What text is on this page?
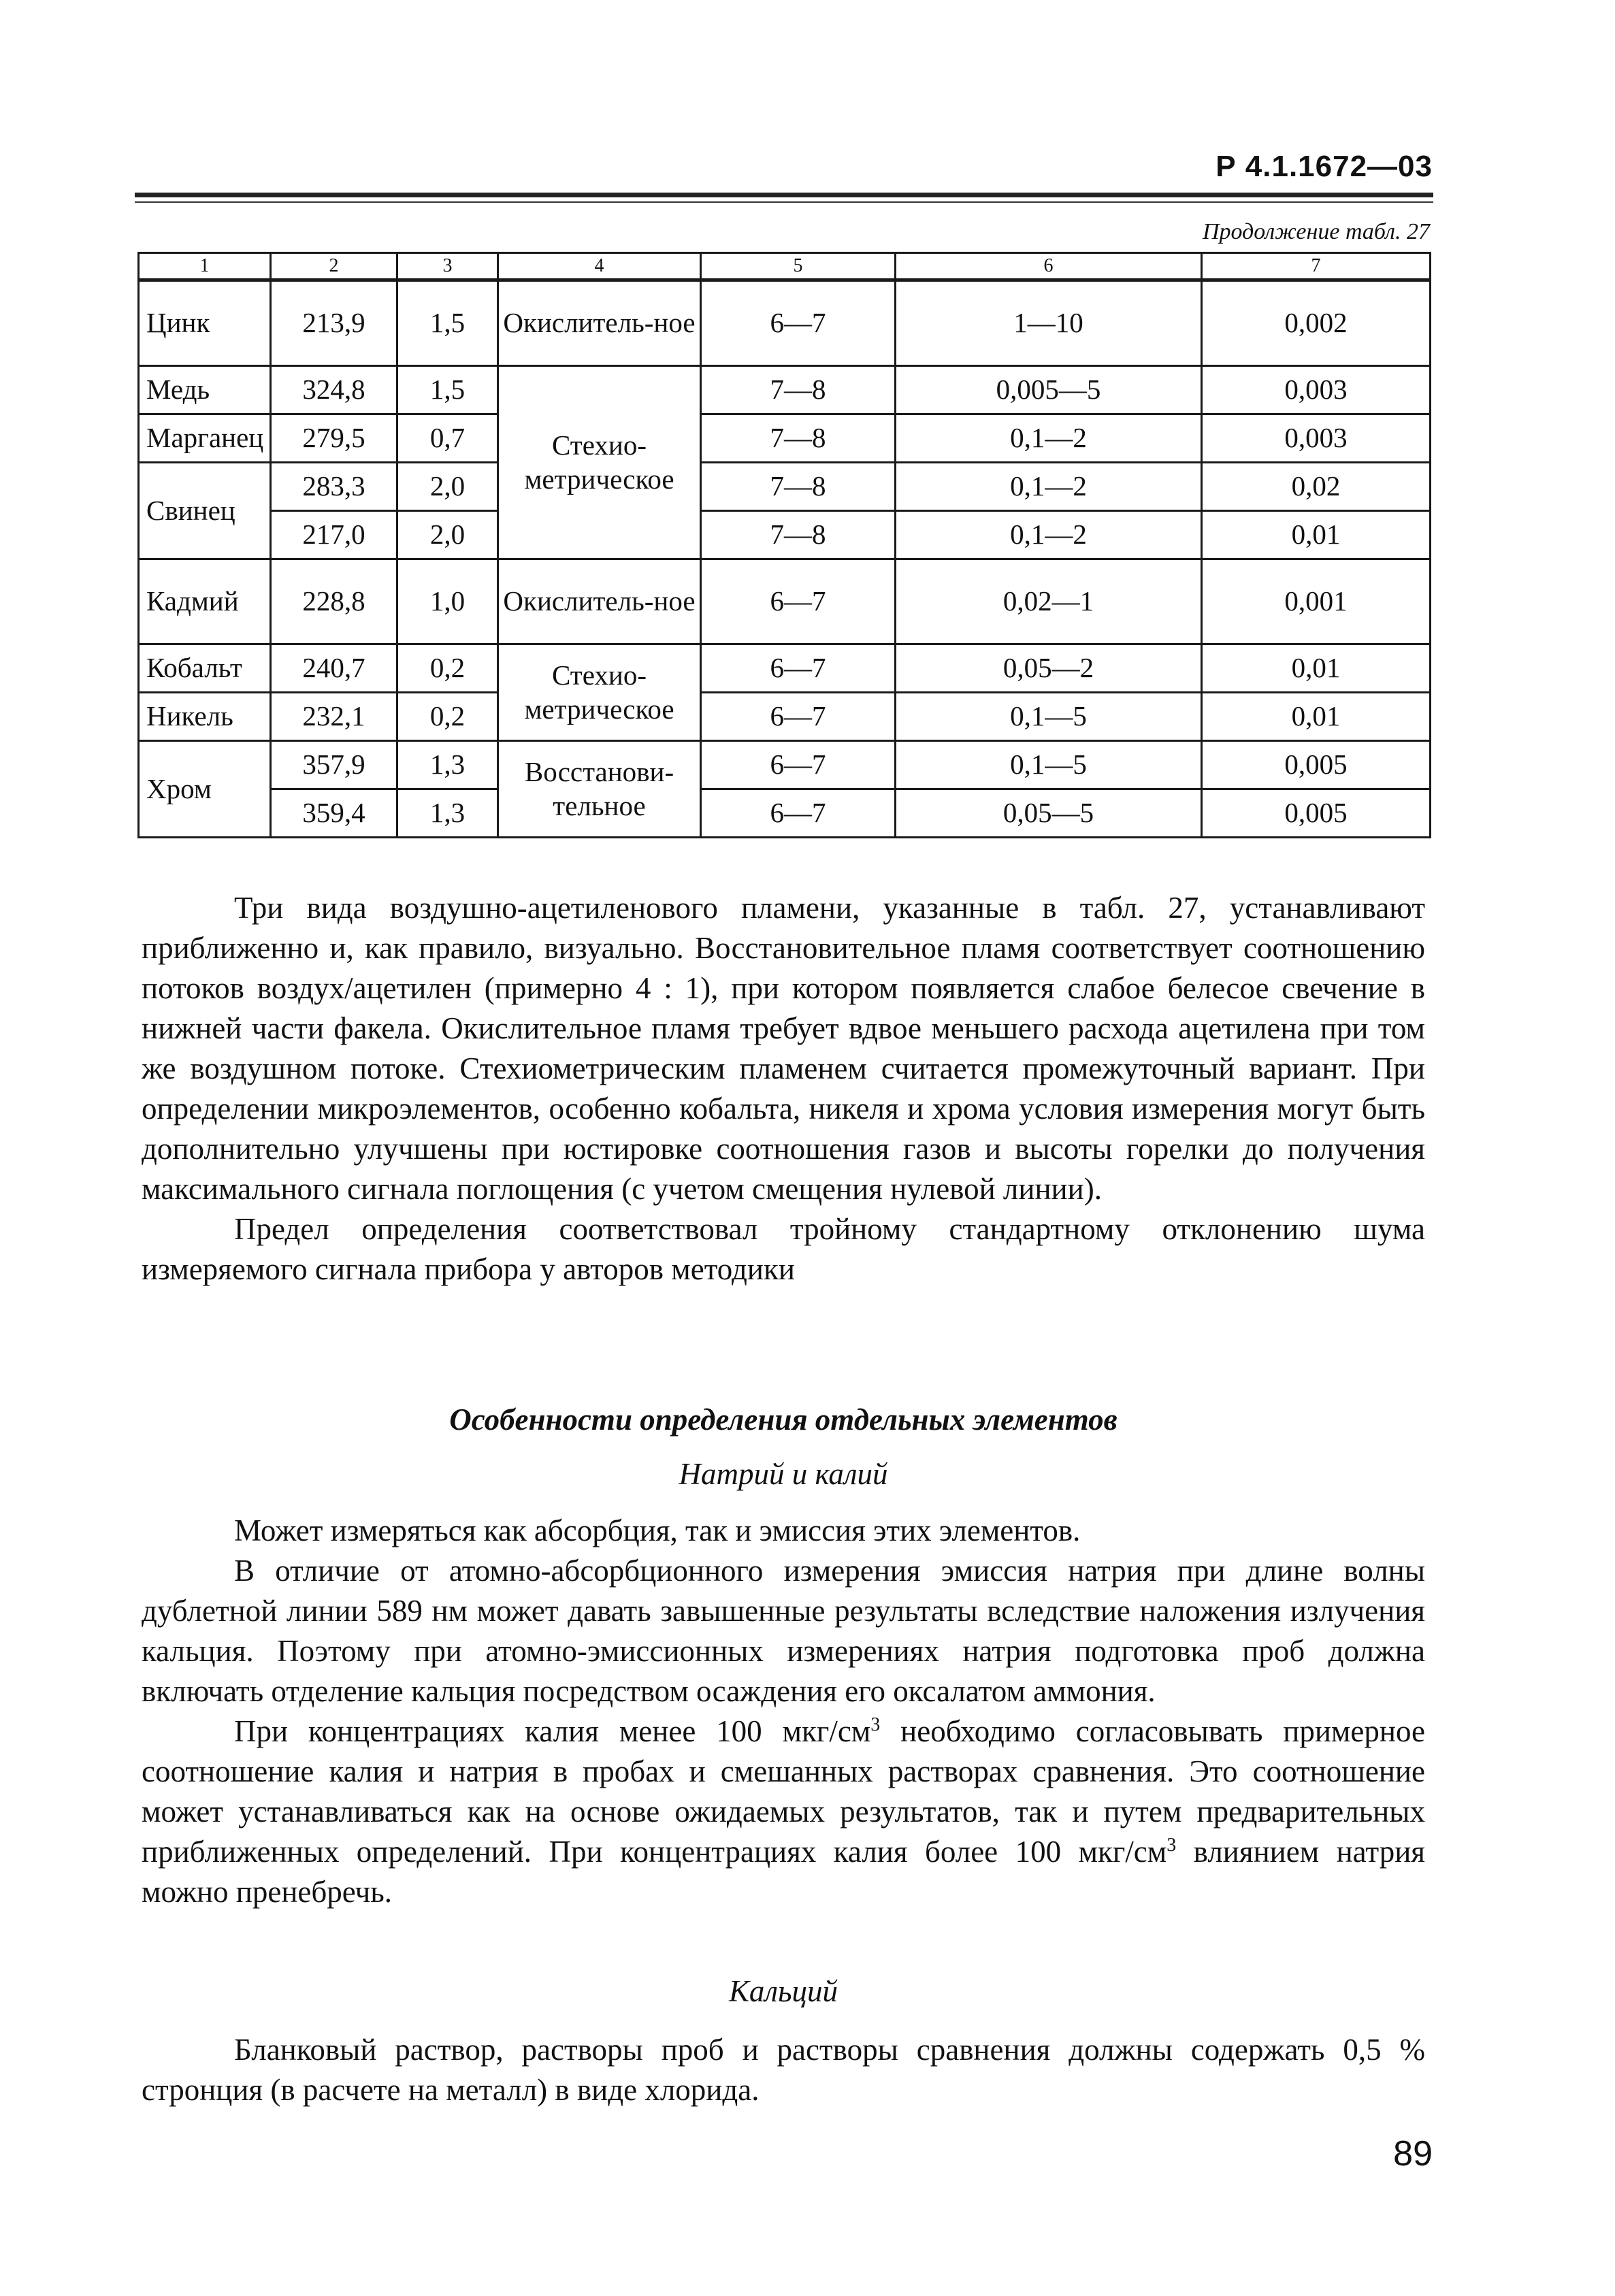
Р 4.1.1672—03
Продолжение табл. 27
1	2	3	4	5	6	7
Цинк	213,9	1,5	Окислитель-ное	6—7	1—10	0,002
Медь	324,8	1,5	Стехио-метрическое	7—8	0,005—5	0,003
Марганец	279,5	0,7		7—8	0,1—2	0,003
Свинец	283,3	2,0		7—8	0,1—2	0,02
	217,0	2,0		7—8	0,1—2	0,01
Кадмий	228,8	1,0	Окислитель-ное	6—7	0,02—1	0,001
Кобальт	240,7	0,2	Стехио-метрическое	6—7	0,05—2	0,01
Никель	232,1	0,2		6—7	0,1—5	0,01
Хром	357,9	1,3	Восстанови-тельное	6—7	0,1—5	0,005
	359,4	1,3		6—7	0,05—5	0,005

Три вида воздушно-ацетиленового пламени, указанные в табл. 27, устанавливают приближенно и, как правило, визуально. Восстановительное пламя соответствует соотношению потоков воздух/ацетилен (примерно 4 : 1), при котором появляется слабое белесое свечение в нижней части факела. Окислительное пламя требует вдвое меньшего расхода ацетилена при том же воздушном потоке. Стехиометрическим пламенем считается промежуточный вариант. При определении микроэлементов, особенно кобальта, никеля и хрома условия измерения могут быть дополнительно улучшены при юстировке соотношения газов и высоты горелки до получения максимального сигнала поглощения (с учетом смещения нулевой линии).

Предел определения соответствовал тройному стандартному отклонению шума измеряемого сигнала прибора у авторов методики

Особенности определения отдельных элементов
Натрий и калий

Может измеряться как абсорбция, так и эмиссия этих элементов.

В отличие от атомно-абсорбционного измерения эмиссия натрия при длине волны дублетной линии 589 нм может давать завышенные результаты вследствие наложения излучения кальция. Поэтому при атомно-эмиссионных измерениях натрия подготовка проб должна включать отделение кальция посредством осаждения его оксалатом аммония.

При концентрациях калия менее 100 мкг/$см^3$ необходимо согласовывать примерное соотношение калия и натрия в пробах и смешанных растворах сравнения. Это соотношение может устанавливаться как на основе ожидаемых результатов, так и путем предварительных приближенных определений. При концентрациях калия более 100 мкг/$см^3$ влиянием натрия можно пренебречь.

Кальций

Бланковый раствор, растворы проб и растворы сравнения должны содержать 0,5 % стронция (в расчете на металл) в виде хлорида.

89
